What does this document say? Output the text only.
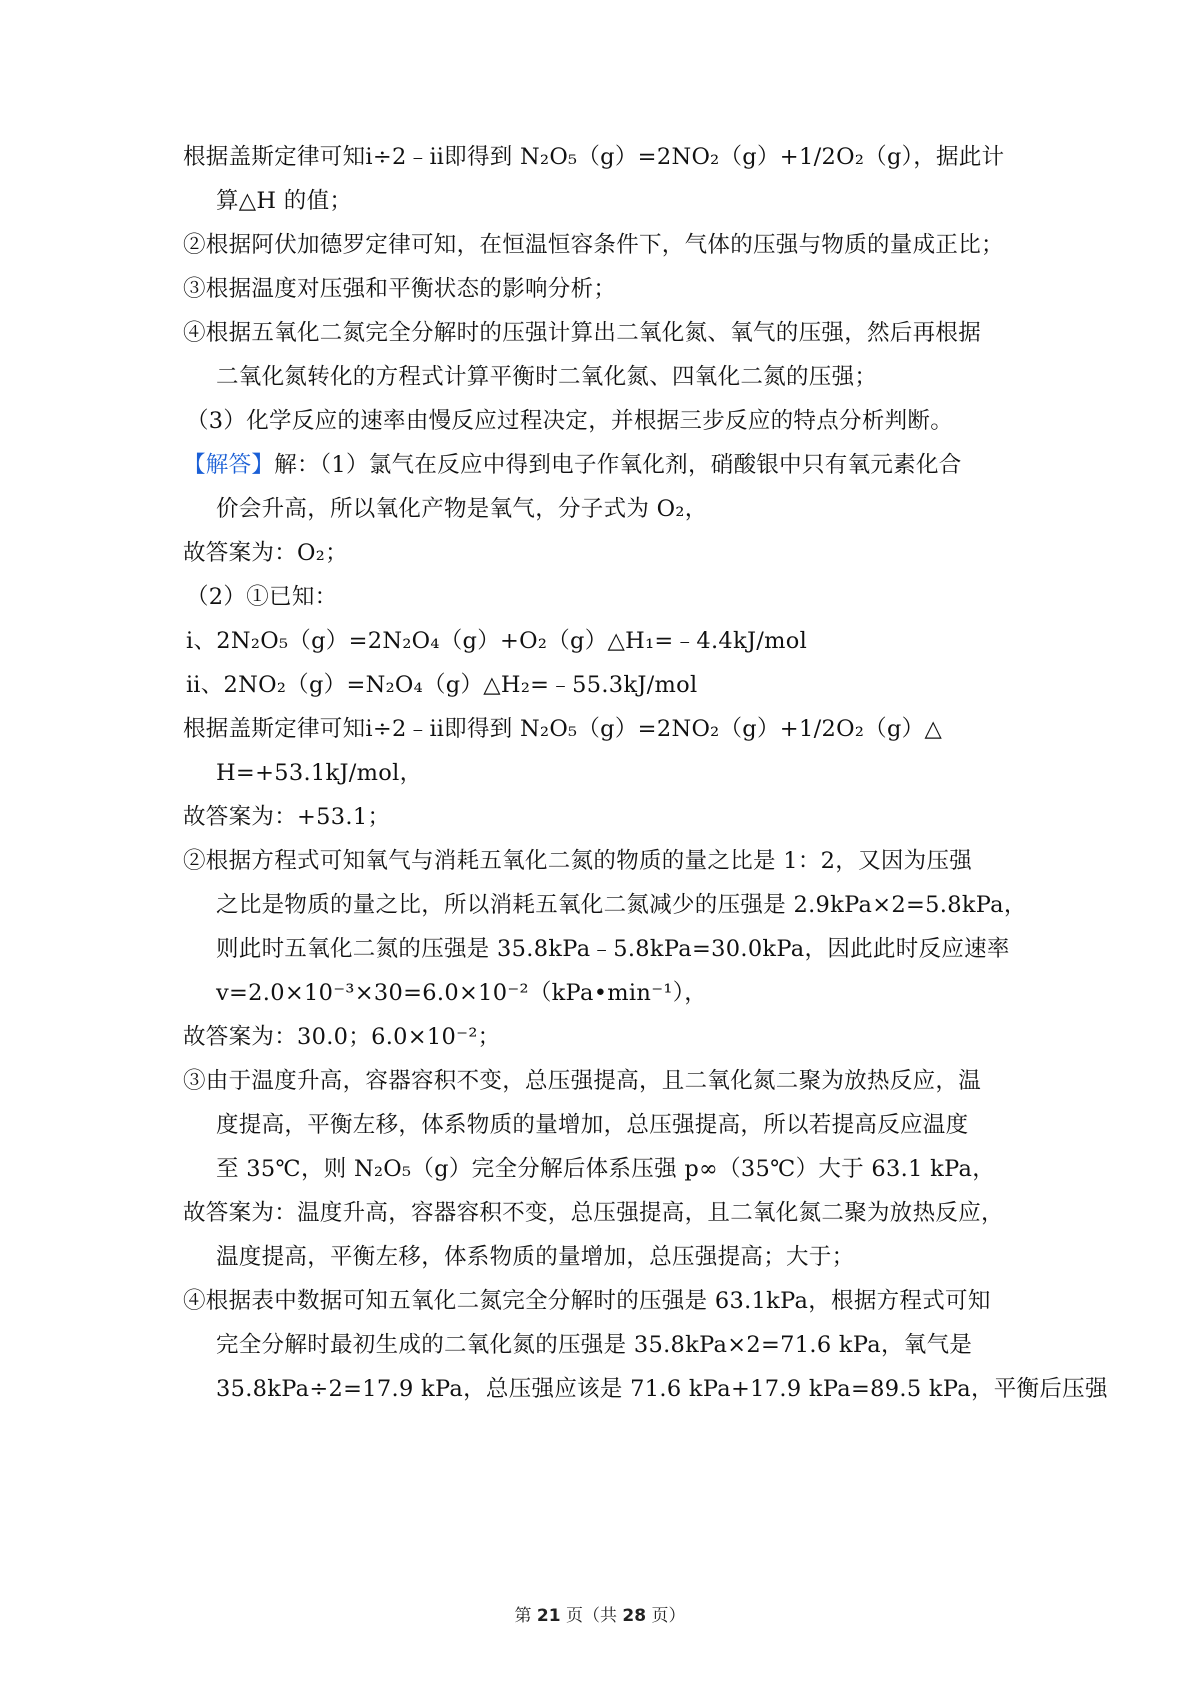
根据盖斯定律可知ⅰ÷2﹣ⅱ即得到 N₂O₅（g）=2NO₂（g）+1/2O₂（g），据此计
算△H 的值；
②根据阿伏加德罗定律可知，在恒温恒容条件下，气体的压强与物质的量成正比；
③根据温度对压强和平衡状态的影响分析；
④根据五氧化二氮完全分解时的压强计算出二氧化氮、氧气的压强，然后再根据
二氧化氮转化的方程式计算平衡时二氧化氮、四氧化二氮的压强；
（3）化学反应的速率由慢反应过程决定，并根据三步反应的特点分析判断。
【解答】解：（1）氯气在反应中得到电子作氧化剂，硝酸银中只有氧元素化合
价会升高，所以氧化产物是氧气，分子式为 O₂，
故答案为：O₂；
（2）①已知：
ⅰ、2N₂O₅（g）=2N₂O₄（g）+O₂（g）△H₁=﹣4.4kJ/mol
ⅱ、2NO₂（g）=N₂O₄（g）△H₂=﹣55.3kJ/mol
根据盖斯定律可知ⅰ÷2﹣ⅱ即得到 N₂O₅（g）=2NO₂（g）+1/2O₂（g）△
H=+53.1kJ/mol，
故答案为：+53.1；
②根据方程式可知氧气与消耗五氧化二氮的物质的量之比是 1：2，又因为压强
之比是物质的量之比，所以消耗五氧化二氮减少的压强是 2.9kPa×2=5.8kPa，
则此时五氧化二氮的压强是 35.8kPa﹣5.8kPa=30.0kPa，因此此时反应速率
v=2.0×10⁻³×30=6.0×10⁻²（kPa•min⁻¹），
故答案为：30.0；6.0×10⁻²；
③由于温度升高，容器容积不变，总压强提高，且二氧化氮二聚为放热反应，温
度提高，平衡左移，体系物质的量增加，总压强提高，所以若提高反应温度
至 35℃，则 N₂O₅（g）完全分解后体系压强 p∞（35℃）大于 63.1 kPa，
故答案为：温度升高，容器容积不变，总压强提高，且二氧化氮二聚为放热反应，
温度提高，平衡左移，体系物质的量增加，总压强提高；大于；
④根据表中数据可知五氧化二氮完全分解时的压强是 63.1kPa，根据方程式可知
完全分解时最初生成的二氧化氮的压强是 35.8kPa×2=71.6 kPa，氧气是
35.8kPa÷2=17.9 kPa，总压强应该是 71.6 kPa+17.9 kPa=89.5 kPa，平衡后压强
第 21 页（共 28 页）
